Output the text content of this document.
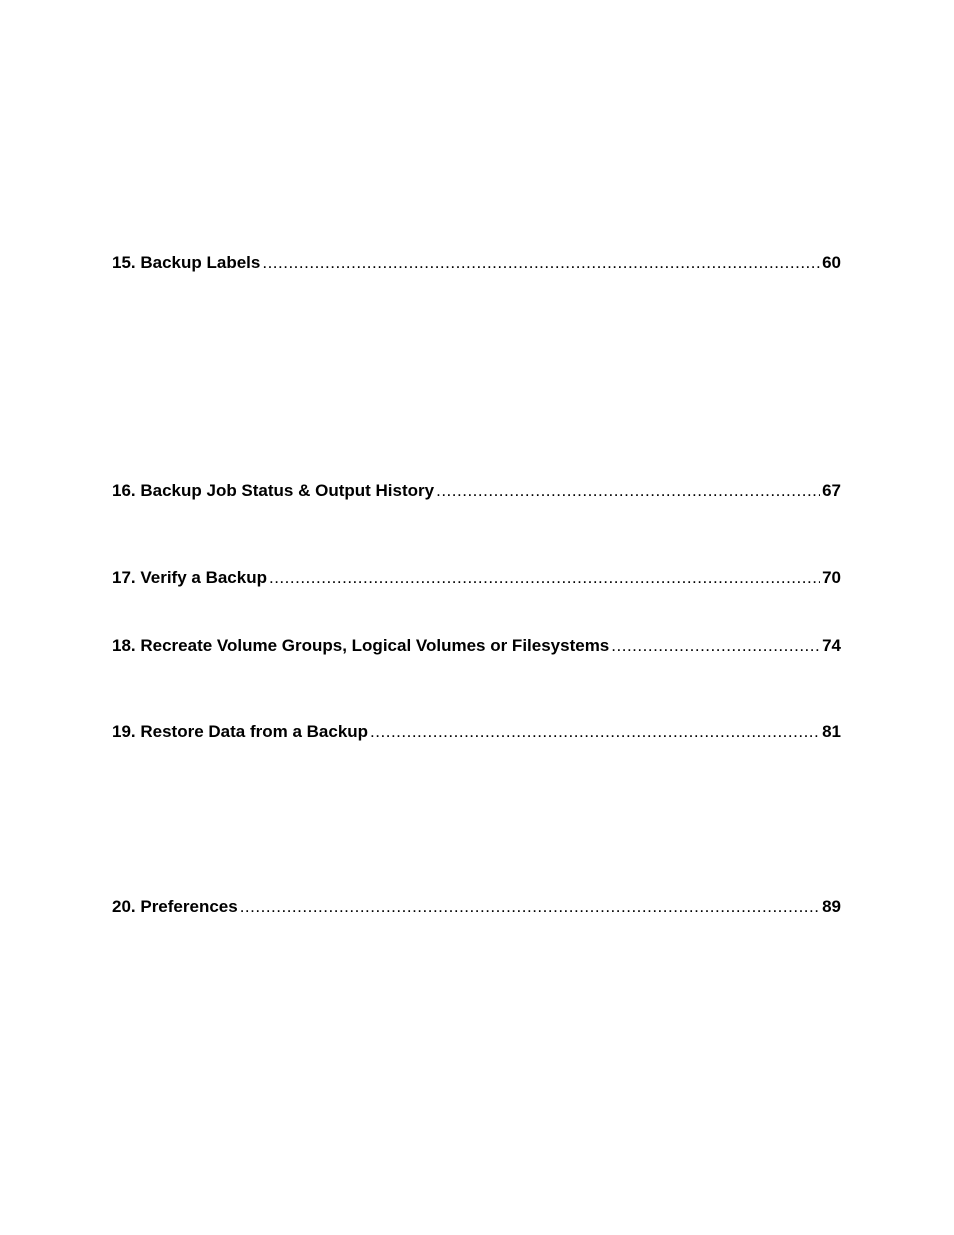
15. Backup Labels .....	60
16. Backup Job Status & Output History .....	67
17. Verify a Backup .....	70
18. Recreate Volume Groups, Logical Volumes or Filesystems .....	74
19. Restore Data from a Backup .....	81
20. Preferences .....	89
